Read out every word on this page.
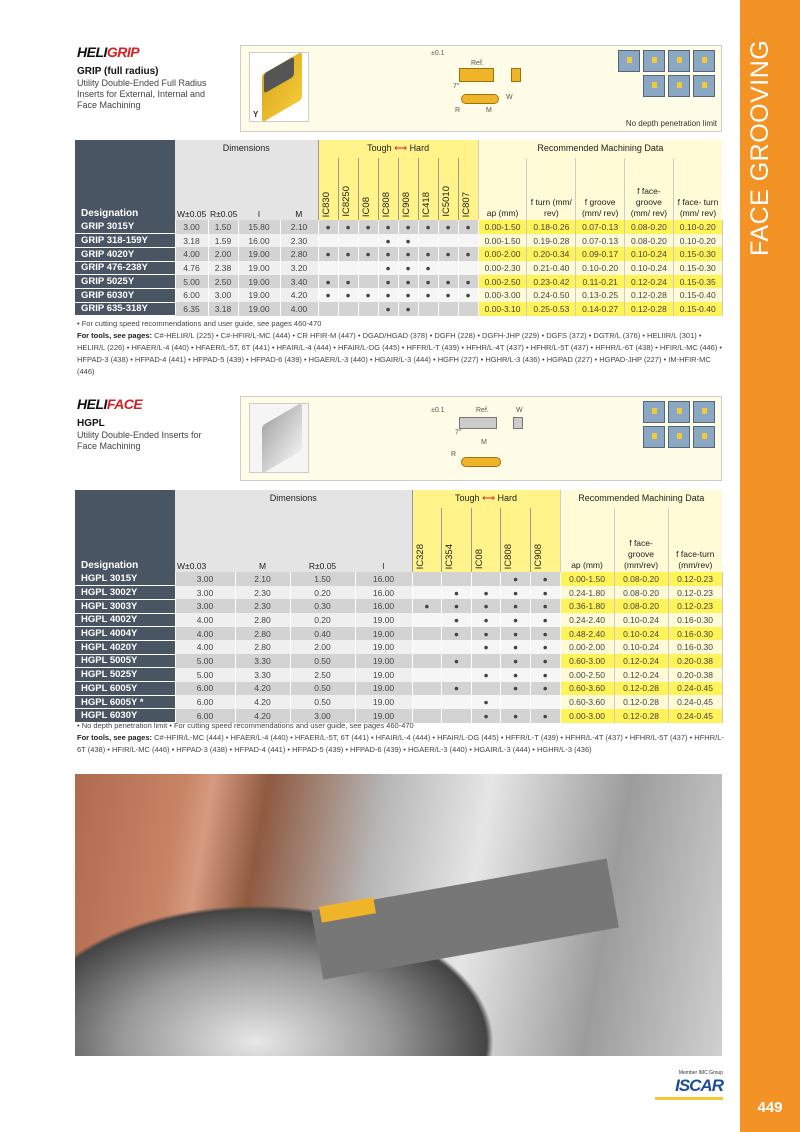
FACE GROOVING
449
HELIGRIP
GRIP (full radius)
Utility Double-Ended Full Radius Inserts for External, Internal and Face Machining
Y
±0.1
Ref.
7°
W
R	M
No depth penetration limit
Designation	Dimensions				Tough ⟷ Hard								Recommended Machining Data				
	W±0.05	R±0.05	l	M	IC830	IC8250	IC08	IC808	IC908	IC418	IC5010	IC807	ap (mm)	f turn (mm/ rev)	f groove (mm/ rev)	f face- groove (mm/ rev)	f face- turn (mm/ rev)
GRIP 3015Y	3.00	1.50	15.80	2.10	●	●	●	●	●	●	●	●	0.00-1.50	0.18-0.26	0.07-0.13	0.08-0.20	0.10-0.20
GRIP 318-159Y	3.18	1.59	16.00	2.30				●	●				0.00-1.50	0.19-0.28	0.07-0.13	0.08-0.20	0.10-0.20
GRIP 4020Y	4.00	2.00	19.00	2.80	●	●	●	●	●	●	●	●	0.00-2.00	0.20-0.34	0.09-0.17	0.10-0.24	0.15-0.30
GRIP 476-238Y	4.76	2.38	19.00	3.20				●	●	●			0.00-2.30	0.21-0.40	0.10-0.20	0.10-0.24	0.15-0.30
GRIP 5025Y	5.00	2.50	19.00	3.40	●	●		●	●	●	●	●	0.00-2.50	0.23-0.42	0.11-0.21	0.12-0.24	0.15-0.35
GRIP 6030Y	6.00	3.00	19.00	4.20	●	●	●	●	●	●	●	●	0.00-3.00	0.24-0.50	0.13-0.25	0.12-0.28	0.15-0.40
GRIP 635-318Y	6.35	3.18	19.00	4.00				●	●				0.00-3.10	0.25-0.53	0.14-0.27	0.12-0.28	0.15-0.40
• For cutting speed recommendations and user guide, see pages 460-470
For tools, see pages: C#-HELIR/L (225) • C#-HFIR/L-MC (444) • CR HFIR-M (447) • DGAD/HGAD (378) • DGFH (228) • DGFH-JHP (229) • DGFS (372) • DGTR/L (376) • HELIIR/L (301) • HELIR/L (226) • HFAER/L-4 (440) • HFAER/L-5T, 6T (441) • HFAIR/L-4 (444) • HFAIR/L-DG (445) • HFFR/L-T (439) • HFHR/L-4T (437) • HFHR/L-5T (437) • HFHR/L-6T (438) • HFIR/L-MC (446) • HFPAD-3 (438) • HFPAD-4 (441) • HFPAD-5 (439) • HFPAD-6 (439) • HGAER/L-3 (440) • HGAIR/L-3 (444) • HGFH (227) • HGHR/L-3 (436) • HGPAD (227) • HGPAD-JHP (227) • IM-HFIR-MC (446)
HELIFACE
HGPL
Utility Double-Ended Inserts for Face Machining
±0.1	Ref.	W
7°
M
R
Designation	Dimensions				Tough ⟷ Hard					Recommended Machining Data		
	W±0.03	M	R±0.05	l	IC328	IC354	IC08	IC808	IC908	ap (mm)	f face- groove (mm/rev)	f face-turn (mm/rev)
HGPL 3015Y	3.00	2.10	1.50	16.00				●	●	0.00-1.50	0.08-0.20	0.12-0.23
HGPL 3002Y	3.00	2.30	0.20	16.00		●	●	●	●	0.24-1.80	0.08-0.20	0.12-0.23
HGPL 3003Y	3.00	2.30	0.30	16.00	●	●	●	●	●	0.36-1.80	0.08-0.20	0.12-0.23
HGPL 4002Y	4.00	2.80	0.20	19.00		●	●	●	●	0.24-2.40	0.10-0.24	0.16-0.30
HGPL 4004Y	4.00	2.80	0.40	19.00		●	●	●	●	0.48-2.40	0.10-0.24	0.16-0.30
HGPL 4020Y	4.00	2.80	2.00	19.00			●	●	●	0.00-2.00	0.10-0.24	0.16-0.30
HGPL 5005Y	5.00	3.30	0.50	19.00		●		●	●	0.60-3.00	0.12-0.24	0.20-0.38
HGPL 5025Y	5.00	3.30	2.50	19.00			●	●	●	0.00-2.50	0.12-0.24	0.20-0.38
HGPL 6005Y	6.00	4.20	0.50	19.00		●		●	●	0.60-3.60	0.12-0.28	0.24-0.45
HGPL 6005Y *	6.00	4.20	0.50	19.00			●			0.60-3.60	0.12-0.28	0.24-0.45
HGPL 6030Y	6.00	4.20	3.00	19.00			●	●	●	0.00-3.00	0.12-0.28	0.24-0.45
• No depth penetration limit • For cutting speed recommendations and user guide, see pages 460-470
For tools, see pages: C#-HFIR/L-MC (444) • HFAER/L-4 (440) • HFAER/L-5T, 6T (441) • HFAIR/L-4 (444) • HFAIR/L-DG (445) • HFFR/L-T (439) • HFHR/L-4T (437) • HFHR/L-5T (437) • HFHR/L-6T (438) • HFIR/L-MC (446) • HFPAD-3 (438) • HFPAD-4 (441) • HFPAD-5 (439) • HFPAD-6 (439) • HGAER/L-3 (440) • HGAIR/L-3 (444) • HGHR/L-3 (436)
Member IMC Group
ISCAR
